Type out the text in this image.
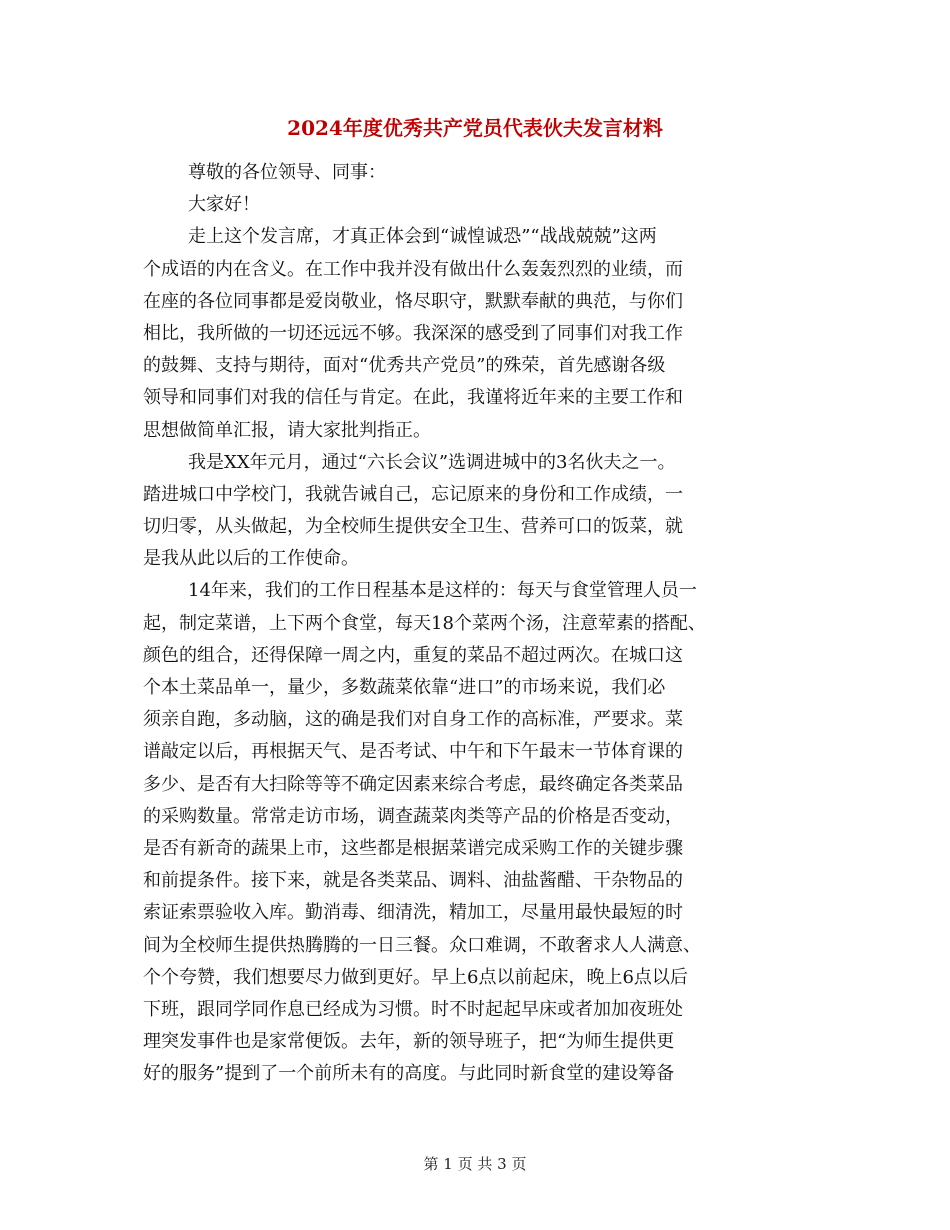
2024年度优秀共产党员代表伙夫发言材料
尊敬的各位领导、同事：
大家好！
走上这个发言席，才真正体会到“诚惶诚恐”“战战兢兢”这两
个成语的内在含义。在工作中我并没有做出什么轰轰烈烈的业绩，而
在座的各位同事都是爱岗敬业，恪尽职守，默默奉献的典范，与你们
相比，我所做的一切还远远不够。我深深的感受到了同事们对我工作
的鼓舞、支持与期待，面对“优秀共产党员”的殊荣，首先感谢各级
领导和同事们对我的信任与肯定。在此，我谨将近年来的主要工作和
思想做简单汇报，请大家批判指正。
我是XX年元月，通过“六长会议”选调进城中的3名伙夫之一。
踏进城口中学校门，我就告诫自己，忘记原来的身份和工作成绩，一
切归零，从头做起，为全校师生提供安全卫生、营养可口的饭菜，就
是我从此以后的工作使命。
14年来，我们的工作日程基本是这样的：每天与食堂管理人员一
起，制定菜谱，上下两个食堂，每天18个菜两个汤，注意荤素的搭配、
颜色的组合，还得保障一周之内，重复的菜品不超过两次。在城口这
个本土菜品单一，量少，多数蔬菜依靠“进口”的市场来说，我们必
须亲自跑，多动脑，这的确是我们对自身工作的高标准，严要求。菜
谱敲定以后，再根据天气、是否考试、中午和下午最末一节体育课的
多少、是否有大扫除等等不确定因素来综合考虑，最终确定各类菜品
的采购数量。常常走访市场，调查蔬菜肉类等产品的价格是否变动，
是否有新奇的蔬果上市，这些都是根据菜谱完成采购工作的关键步骤
和前提条件。接下来，就是各类菜品、调料、油盐酱醋、干杂物品的
索证索票验收入库。勤消毒、细清洗，精加工，尽量用最快最短的时
间为全校师生提供热腾腾的一日三餐。众口难调，不敢奢求人人满意、
个个夸赞，我们想要尽力做到更好。早上6点以前起床，晚上6点以后
下班，跟同学同作息已经成为习惯。时不时起起早床或者加加夜班处
理突发事件也是家常便饭。去年，新的领导班子，把“为师生提供更
好的服务”提到了一个前所未有的高度。与此同时新食堂的建设筹备
第 1 页 共 3 页
